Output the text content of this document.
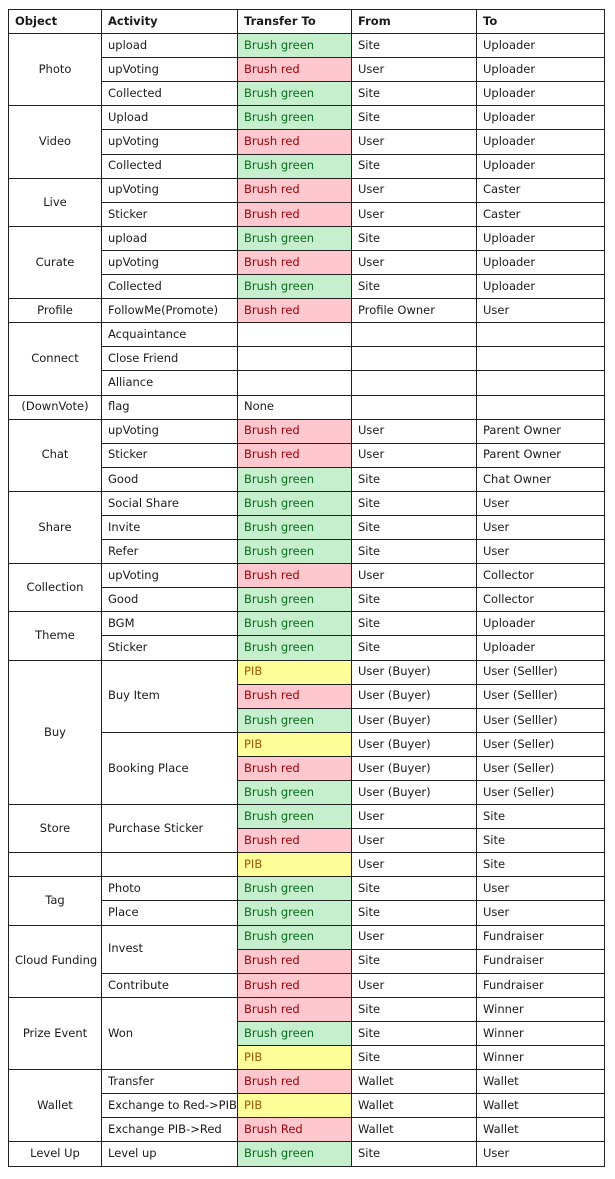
Object	Activity	Transfer To	From	To
Photo	upload	Brush green	Site	Uploader
	upVoting	Brush red	User	Uploader
	Collected	Brush green	Site	Uploader
Video	Upload	Brush green	Site	Uploader
	upVoting	Brush red	User	Uploader
	Collected	Brush green	Site	Uploader
Live	upVoting	Brush red	User	Caster
	Sticker	Brush red	User	Caster
Curate	upload	Brush green	Site	Uploader
	upVoting	Brush red	User	Uploader
	Collected	Brush green	Site	Uploader
Profile	FollowMe(Promote)	Brush red	Profile Owner	User
Connect	Acquaintance			
	Close Friend			
	Alliance			
(DownVote)	flag	None		
Chat	upVoting	Brush red	User	Parent Owner
	Sticker	Brush red	User	Parent Owner
	Good	Brush green	Site	Chat Owner
Share	Social Share	Brush green	Site	User
	Invite	Brush green	Site	User
	Refer	Brush green	Site	User
Collection	upVoting	Brush red	User	Collector
	Good	Brush green	Site	Collector
Theme	BGM	Brush green	Site	Uploader
	Sticker	Brush green	Site	Uploader
Buy	Buy Item	PIB	User (Buyer)	User (Selller)
		Brush red	User (Buyer)	User (Selller)
		Brush green	User (Buyer)	User (Selller)
	Booking Place	PIB	User (Buyer)	User (Seller)
		Brush red	User (Buyer)	User (Seller)
		Brush green	User (Buyer)	User (Seller)
Store	Purchase Sticker	Brush green	User	Site
		Brush red	User	Site
		PIB	User	Site
Tag	Photo	Brush green	Site	User
	Place	Brush green	Site	User
Cloud Funding	Invest	Brush green	User	Fundraiser
		Brush red	Site	Fundraiser
	Contribute	Brush red	User	Fundraiser
Prize Event	Won	Brush red	Site	Winner
		Brush green	Site	Winner
		PIB	Site	Winner
Wallet	Transfer	Brush red	Wallet	Wallet
	Exchange to Red->PIB	PIB	Wallet	Wallet
	Exchange PIB->Red	Brush Red	Wallet	Wallet
Level Up	Level up	Brush green	Site	User
